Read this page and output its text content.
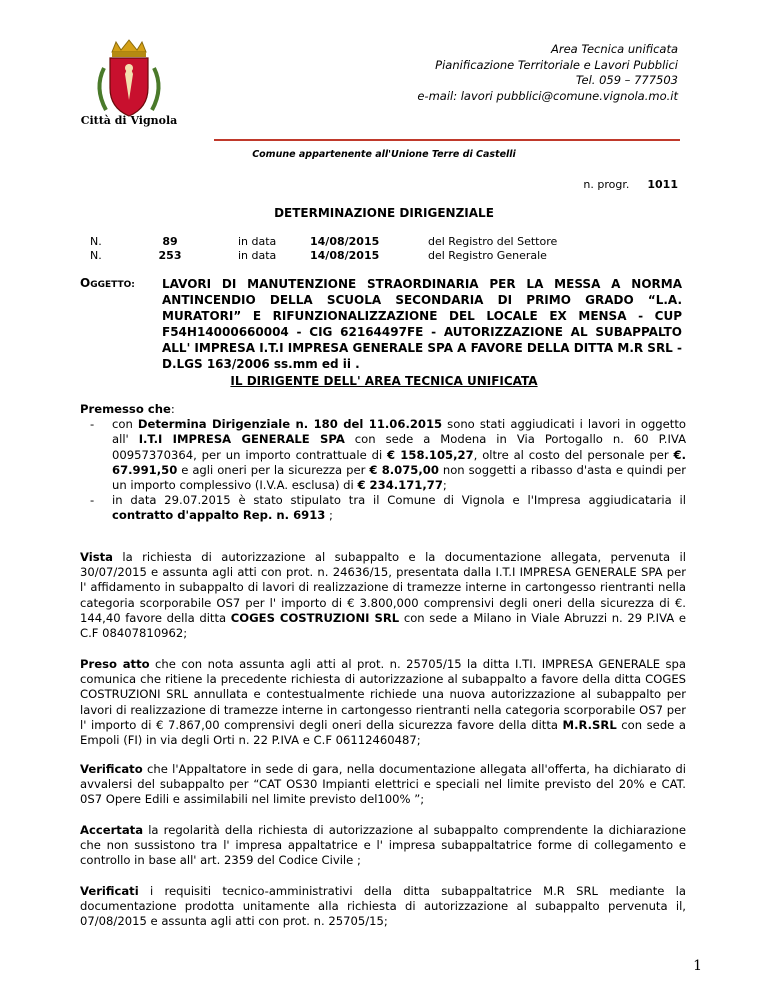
Città di Vignola
Area Tecnica unificata
Pianificazione Territoriale e Lavori Pubblici
Tel. 059 – 777503
e-mail: lavori pubblici@comune.vignola.mo.it
Comune appartenente all'Unione Terre di Castelli
n. progr. 1011
DETERMINAZIONE DIRIGENZIALE
N.
N.
89
253
in data
in data
14/08/2015
14/08/2015
del Registro del Settore
del Registro Generale
OGGETTO: LAVORI DI MANUTENZIONE STRAORDINARIA PER LA MESSA A NORMA ANTINCENDIO DELLA SCUOLA SECONDARIA DI PRIMO GRADO “L.A. MURATORI” E RIFUNZIONALIZZAZIONE DEL LOCALE EX MENSA - CUP F54H14000660004 - CIG 62164497FE - AUTORIZZAZIONE AL SUBAPPALTO ALL' IMPRESA I.T.I IMPRESA GENERALE SPA A FAVORE DELLA DITTA M.R SRL -D.LGS 163/2006 ss.mm ed ii .
IL DIRIGENTE DELL' AREA TECNICA UNIFICATA
Premesso che:
- con Determina Dirigenziale n. 180 del 11.06.2015 sono stati aggiudicati i lavori in oggetto all' I.T.I IMPRESA GENERALE SPA con sede a Modena in Via Portogallo n. 60 P.IVA 00957370364, per un importo contrattuale di € 158.105,27, oltre al costo del personale per €. 67.991,50 e agli oneri per la sicurezza per € 8.075,00 non soggetti a ribasso d'asta e quindi per un importo complessivo (I.V.A. esclusa) di € 234.171,77;
- in data 29.07.2015 è stato stipulato tra il Comune di Vignola e l'Impresa aggiudicataria il contratto d'appalto Rep. n. 6913 ;
Vista la richiesta di autorizzazione al subappalto e la documentazione allegata, pervenuta il 30/07/2015 e assunta agli atti con prot. n. 24636/15, presentata dalla I.T.I IMPRESA GENERALE SPA per l' affidamento in subappalto di lavori di realizzazione di tramezze interne in cartongesso rientranti nella categoria scorporabile OS7 per l' importo di € 3.800,000 comprensivi degli oneri della sicurezza di €. 144,40 favore della ditta COGES COSTRUZIONI SRL con sede a Milano in Viale Abruzzi n. 29 P.IVA e C.F 08407810962;
Preso atto che con nota assunta agli atti al prot. n. 25705/15 la ditta I.TI. IMPRESA GENERALE spa comunica che ritiene la precedente richiesta di autorizzazione al subappalto a favore della ditta COGES COSTRUZIONI SRL annullata e contestualmente richiede una nuova autorizzazione al subappalto per lavori di realizzazione di tramezze interne in cartongesso rientranti nella categoria scorporabile OS7 per l' importo di € 7.867,00 comprensivi degli oneri della sicurezza favore della ditta M.R.SRL con sede a Empoli (FI) in via degli Orti n. 22 P.IVA e C.F 06112460487;
Verificato che l'Appaltatore in sede di gara, nella documentazione allegata all'offerta, ha dichiarato di avvalersi del subappalto per “CAT OS30 Impianti elettrici e speciali nel limite previsto del 20% e CAT. 0S7 Opere Edili e assimilabili nel limite previsto del100% ”;
Accertata la regolarità della richiesta di autorizzazione al subappalto comprendente la dichiarazione che non sussistono tra l' impresa appaltatrice e l' impresa subappaltatrice forme di collegamento e controllo in base all' art. 2359 del Codice Civile ;
Verificati i requisiti tecnico-amministrativi della ditta subappaltatrice M.R SRL mediante la documentazione prodotta unitamente alla richiesta di autorizzazione al subappalto pervenuta il, 07/08/2015 e assunta agli atti con prot. n. 25705/15;
1
